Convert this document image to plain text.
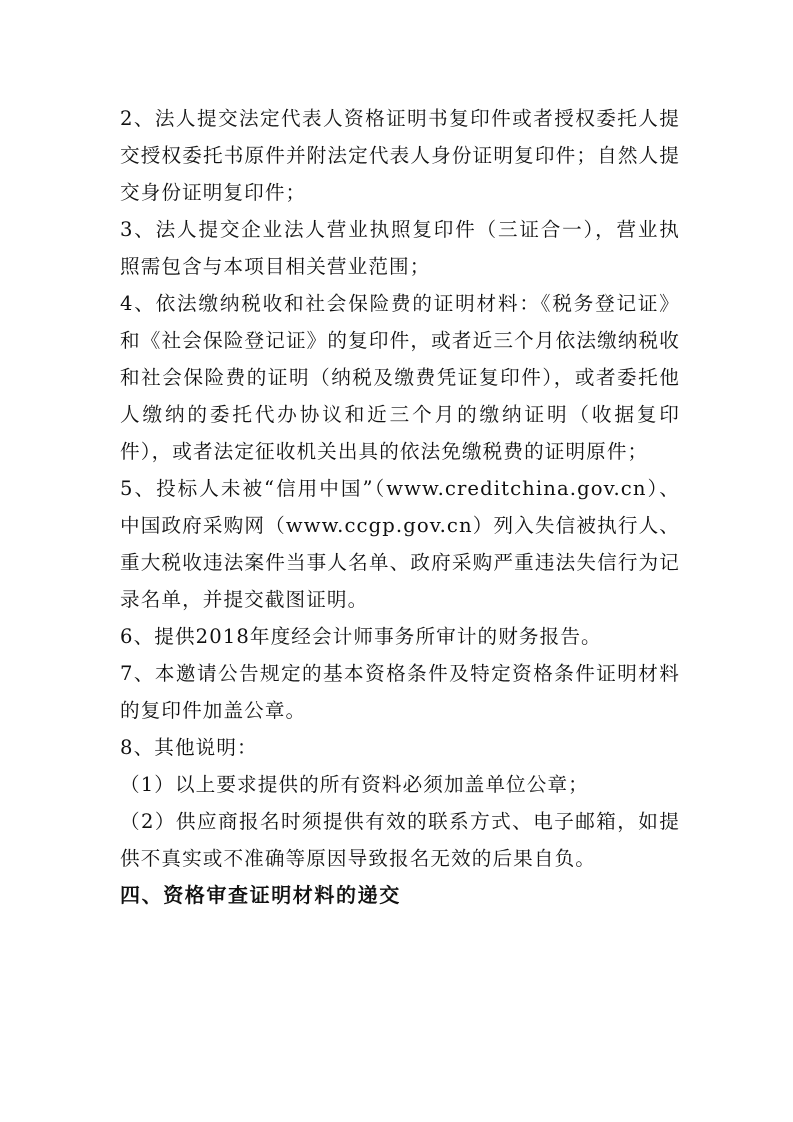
2、法人提交法定代表人资格证明书复印件或者授权委托人提交授权委托书原件并附法定代表人身份证明复印件；自然人提交身份证明复印件；

3、法人提交企业法人营业执照复印件（三证合一），营业执照需包含与本项目相关营业范围；

4、依法缴纳税收和社会保险费的证明材料：《税务登记证》和《社会保险登记证》的复印件，或者近三个月依法缴纳税收和社会保险费的证明（纳税及缴费凭证复印件），或者委托他人缴纳的委托代办协议和近三个月的缴纳证明（收据复印件），或者法定征收机关出具的依法免缴税费的证明原件；

5、投标人未被“信用中国”（www.creditchina.gov.cn）、中国政府采购网（www.ccgp.gov.cn）列入失信被执行人、重大税收违法案件当事人名单、政府采购严重违法失信行为记录名单，并提交截图证明。

6、提供2018年度经会计师事务所审计的财务报告。

7、本邀请公告规定的基本资格条件及特定资格条件证明材料的复印件加盖公章。

8、其他说明：

（1）以上要求提供的所有资料必须加盖单位公章；

（2）供应商报名时须提供有效的联系方式、电子邮箱，如提供不真实或不准确等原因导致报名无效的后果自负。

四、资格审查证明材料的递交
